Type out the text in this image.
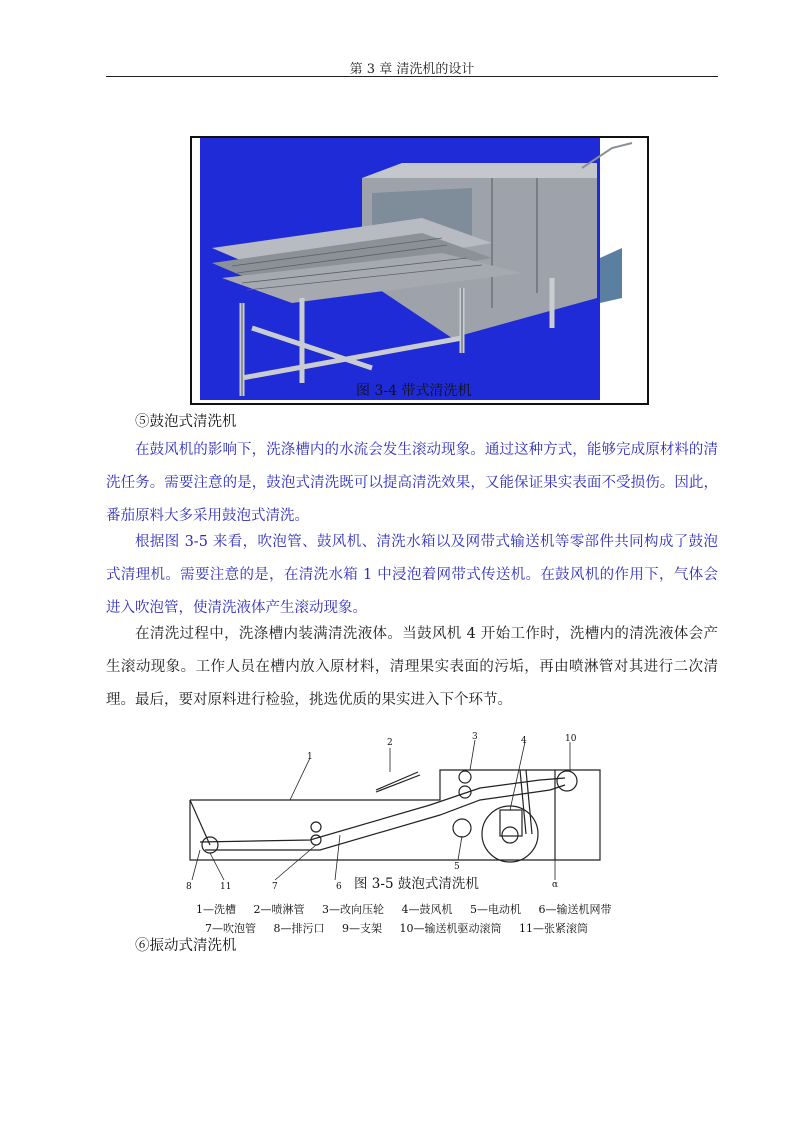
第 3 章 清洗机的设计
图 3-4 带式清洗机
⑤鼓泡式清洗机

在鼓风机的影响下，洗涤槽内的水流会发生滚动现象。通过这种方式，能够完成原材料的清洗任务。需要注意的是，鼓泡式清洗既可以提高清洗效果，又能保证果实表面不受损伤。因此，番茄原料大多采用鼓泡式清洗。

根据图 3-5 来看，吹泡管、鼓风机、清洗水箱以及网带式输送机等零部件共同构成了鼓泡式清理机。需要注意的是，在清洗水箱 1 中浸泡着网带式传送机。在鼓风机的作用下，气体会进入吹泡管，使清洗液体产生滚动现象。

在清洗过程中，洗涤槽内装满清洗液体。当鼓风机 4 开始工作时，洗槽内的清洗液体会产生滚动现象。工作人员在槽内放入原材料，清理果实表面的污垢，再由喷淋管对其进行二次清理。最后，要对原料进行检验，挑选优质的果实进入下个环节。

1
2
3	4
5
6
7
8	α
10
11	图 3-5 鼓泡式清洗机
1—洗槽 2—喷淋管 3—改向压轮 4—鼓风机 5—电动机 6—输送机网带
7—吹泡管 8—排污口 9—支架 10—输送机驱动滚筒 11—张紧滚筒
⑥振动式清洗机
